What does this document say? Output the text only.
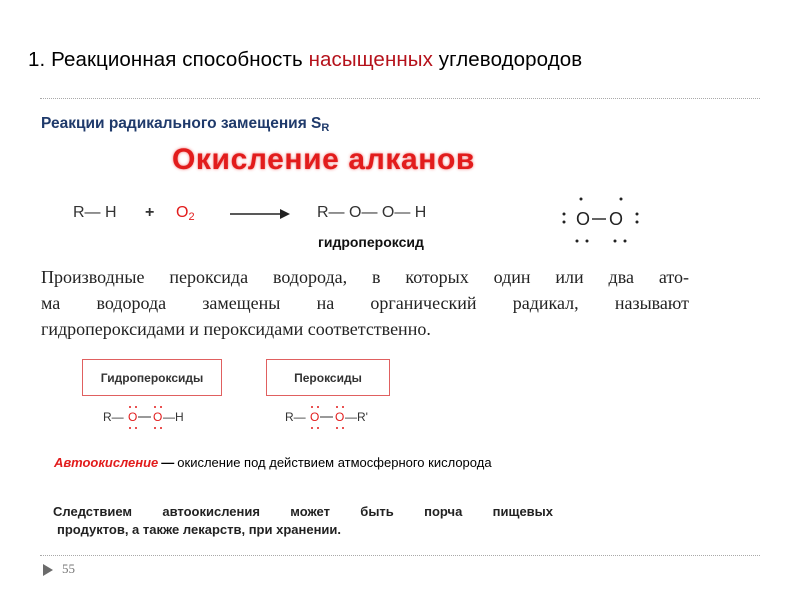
1. Реакционная способность насыщенных углеводородов
Реакции радикального замещения $S_R$
Окисление алканов
R— $H + O_2$	R— O— O— H
гидропероксид
O O
Производные пероксида водорода, в которых один или два ато-
ма водорода замещены на органический радикал, называют
гидропероксидами и пероксидами соответственно.
Гидропероксиды	Пероксиды
R— O O —H	R— O O —R'
Автоокисление — окисление под действием атмосферного кислорода
Следствием автоокисления может быть порча пищевых
продуктов, а также лекарств, при хранении.
55
